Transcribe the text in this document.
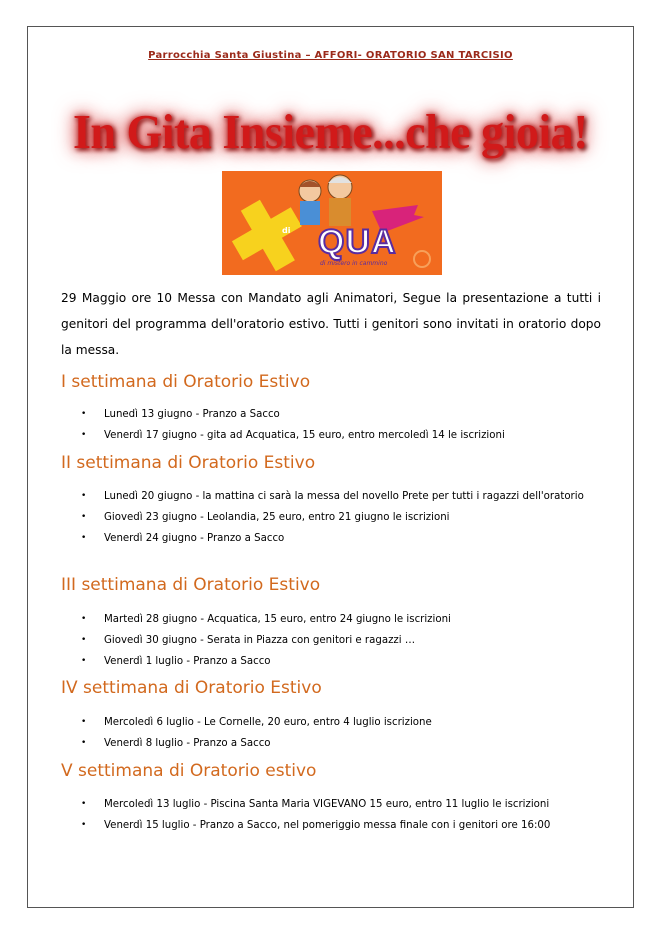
Parrocchia Santa Giustina – AFFORI- ORATORIO SAN TARCISIO
In Gita Insieme...che gioia!
di QUA
di mistero in cammino
29 Maggio ore 10 Messa con Mandato agli Animatori, Segue la presentazione a tutti i genitori del programma dell'oratorio estivo. Tutti i genitori sono invitati in oratorio dopo la messa.
I settimana di Oratorio Estivo
• Lunedì 13 giugno - Pranzo a Sacco
• Venerdì 17 giugno - gita ad Acquatica, 15 euro, entro mercoledì 14 le iscrizioni
II settimana di Oratorio Estivo
• Lunedì 20 giugno - la mattina ci sarà la messa del novello Prete per tutti i ragazzi dell'oratorio
• Giovedì 23 giugno - Leolandia, 25 euro, entro 21 giugno le iscrizioni
• Venerdì 24 giugno - Pranzo a Sacco
III settimana di Oratorio Estivo
• Martedì 28 giugno - Acquatica, 15 euro, entro 24 giugno le iscrizioni
• Giovedì 30 giugno - Serata in Piazza con genitori e ragazzi …
• Venerdì 1 luglio - Pranzo a Sacco
IV settimana di Oratorio Estivo
• Mercoledì 6 luglio - Le Cornelle, 20 euro, entro 4 luglio iscrizione
• Venerdì 8 luglio - Pranzo a Sacco
V settimana di Oratorio estivo
• Mercoledì 13 luglio - Piscina Santa Maria VIGEVANO 15 euro, entro 11 luglio le iscrizioni
• Venerdì 15 luglio - Pranzo a Sacco, nel pomeriggio messa finale con i genitori ore 16:00
